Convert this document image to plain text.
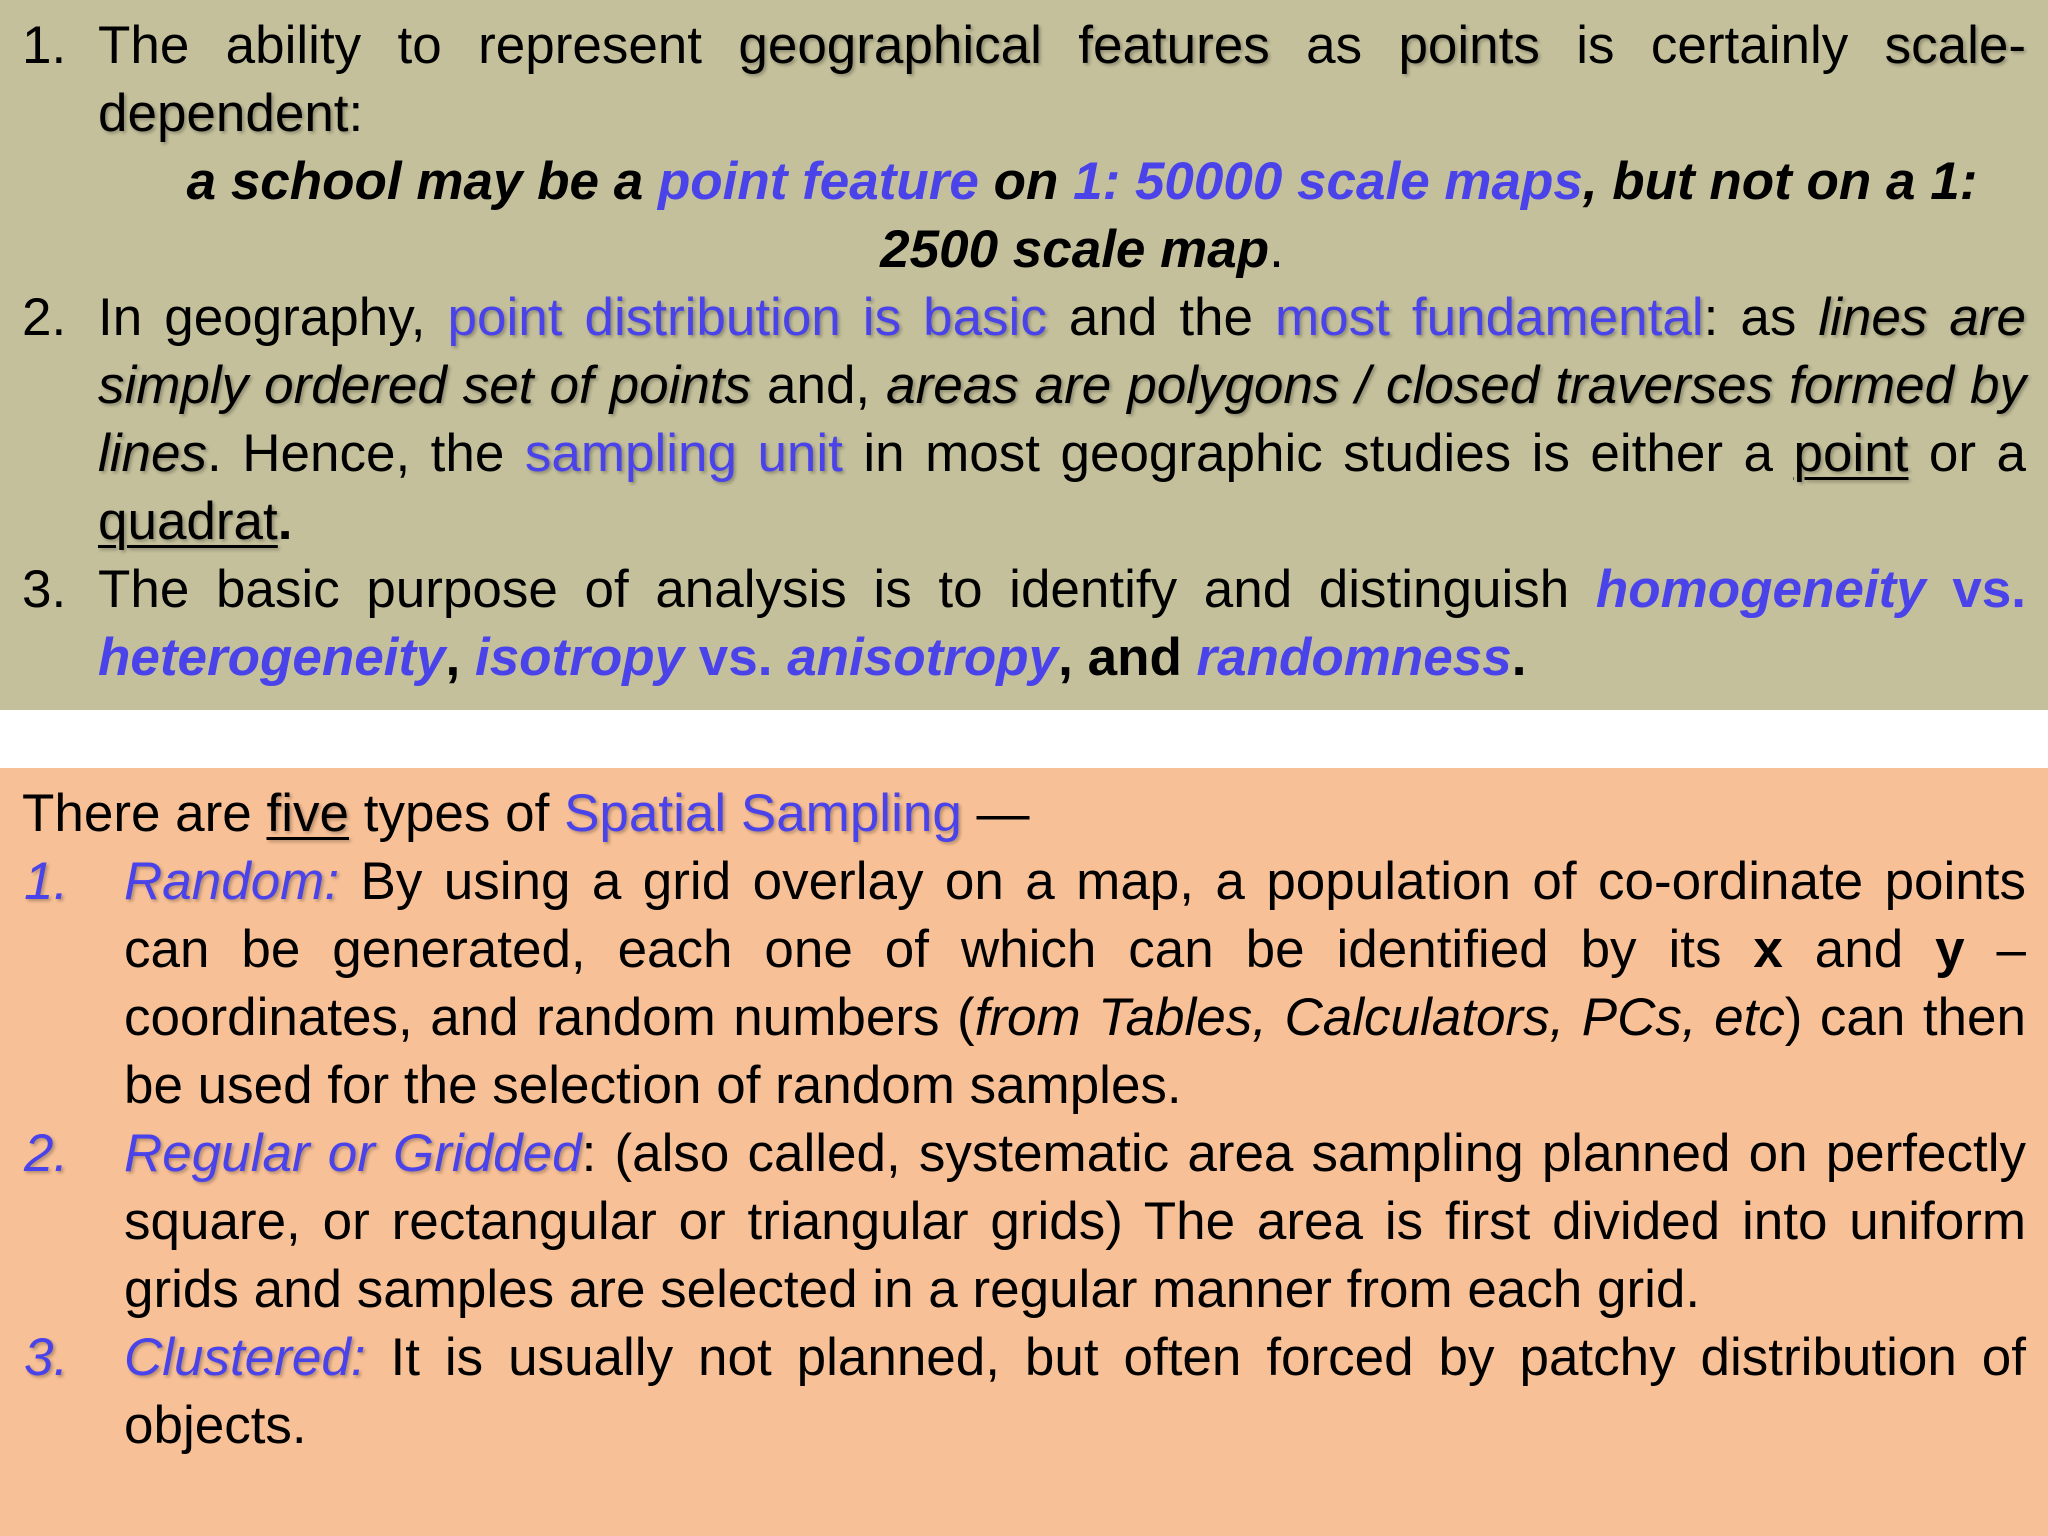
1. The ability to represent geographical features as points is certainly scale-dependent:
a school may be a point feature on 1: 50000 scale maps, but not on a 1: 2500 scale map.
2. In geography, point distribution is basic and the most fundamental: as lines are simply ordered set of points and, areas are polygons / closed traverses formed by lines. Hence, the sampling unit in most geographic studies is either a point or a quadrat.
3. The basic purpose of analysis is to identify and distinguish homogeneity vs. heterogeneity, isotropy vs. anisotropy, and randomness.
There are five types of Spatial Sampling —
1. Random: By using a grid overlay on a map, a population of co-ordinate points can be generated, each one of which can be identified by its x and y – coordinates, and random numbers (from Tables, Calculators, PCs, etc) can then be used for the selection of random samples.
2. Regular or Gridded: (also called, systematic area sampling planned on perfectly square, or rectangular or triangular grids) The area is first divided into uniform grids and samples are selected in a regular manner from each grid.
3. Clustered: It is usually not planned, but often forced by patchy distribution of objects.
